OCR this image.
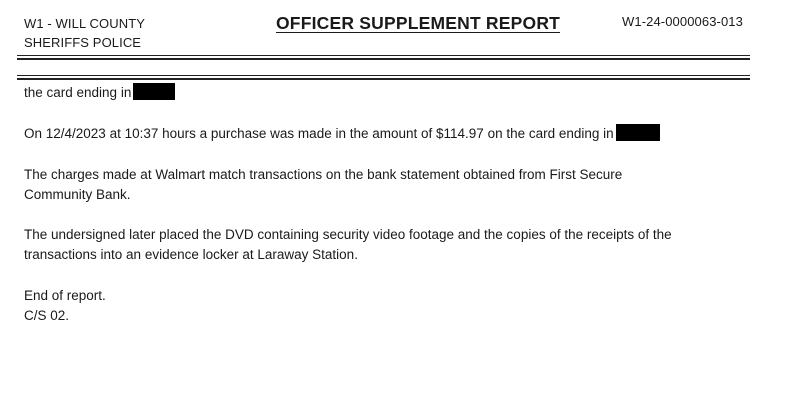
W1 - WILL COUNTY
SHERIFFS POLICE
OFFICER SUPPLEMENT REPORT	W1-24-0000063-013
the card ending in
On 12/4/2023 at 10:37 hours a purchase was made in the amount of $114.97 on the card ending in
The charges made at Walmart match transactions on the bank statement obtained from First Secure
Community Bank.
The undersigned later placed the DVD containing security video footage and the copies of the receipts of the
transactions into an evidence locker at Laraway Station.
End of report.
C/S 02.
